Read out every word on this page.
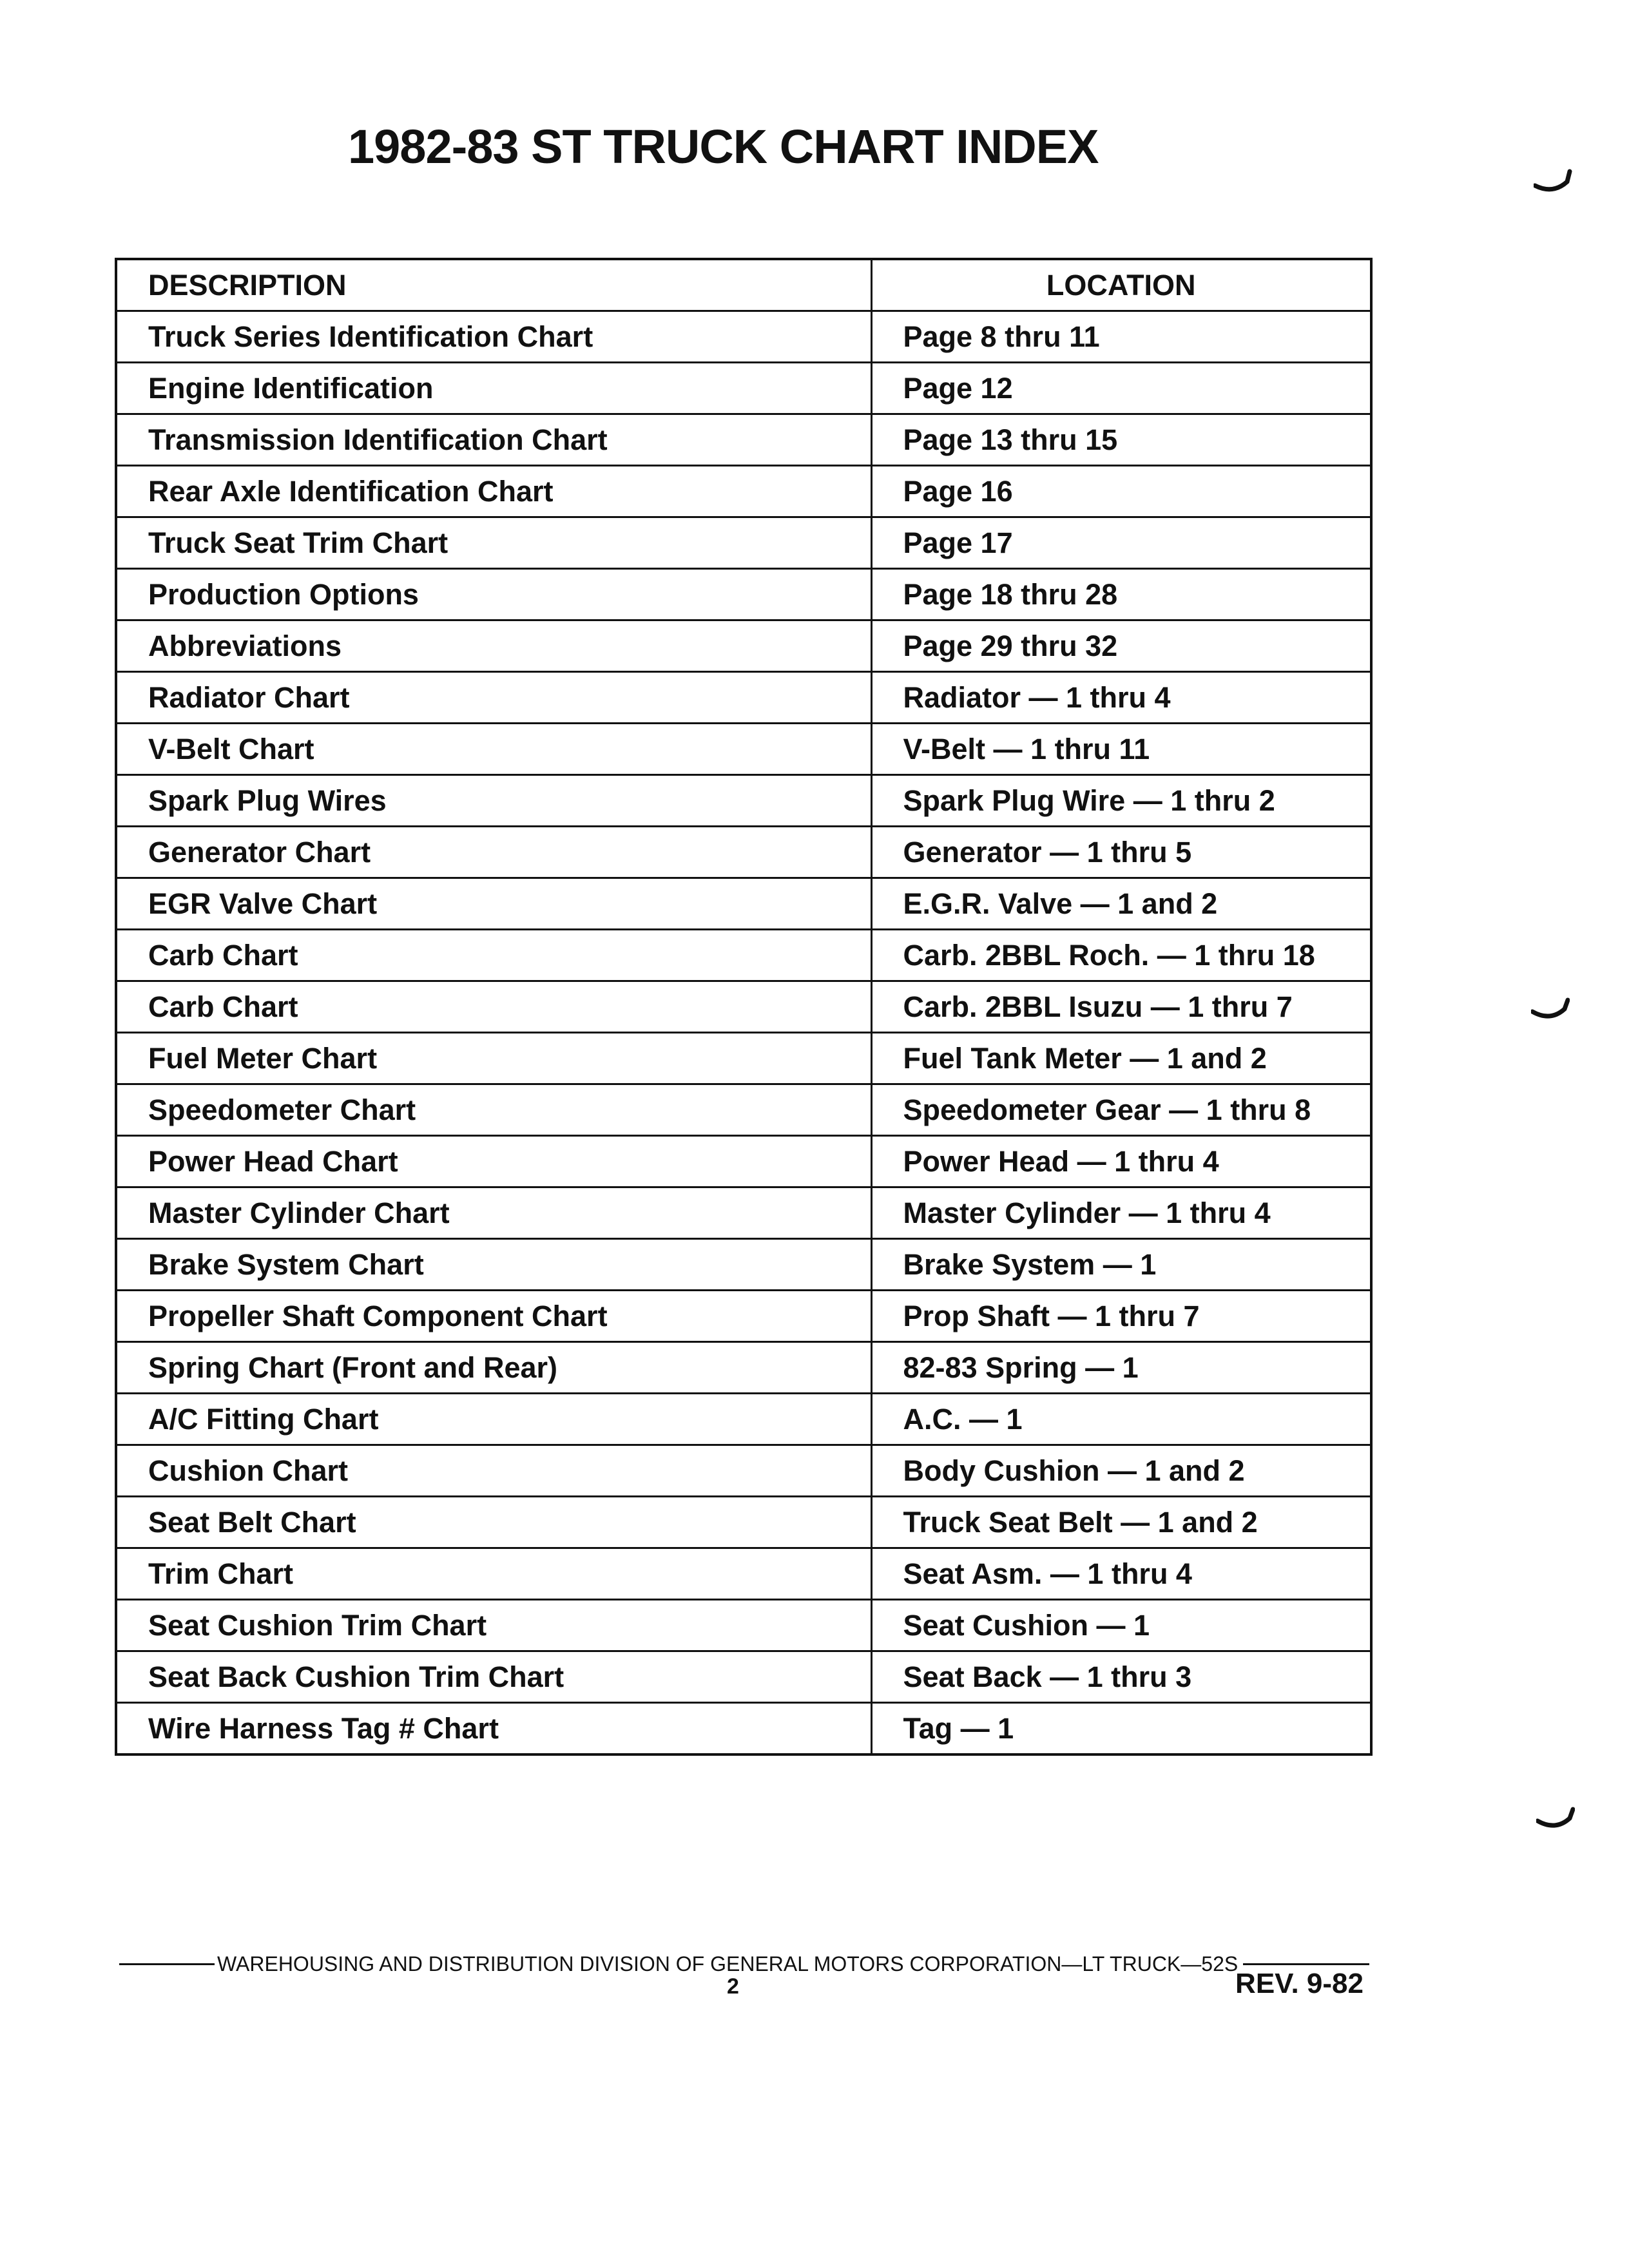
1982-83 ST TRUCK CHART INDEX
DESCRIPTION	LOCATION
Truck Series Identification Chart	Page 8 thru 11
Engine Identification	Page 12
Transmission Identification Chart	Page 13 thru 15
Rear Axle Identification Chart	Page 16
Truck Seat Trim Chart	Page 17
Production Options	Page 18 thru 28
Abbreviations	Page 29 thru 32
Radiator Chart	Radiator — 1 thru 4
V-Belt Chart	V-Belt — 1 thru 11
Spark Plug Wires	Spark Plug Wire — 1 thru 2
Generator Chart	Generator — 1 thru 5
EGR Valve Chart	E.G.R. Valve — 1 and 2
Carb Chart	Carb. 2BBL Roch. — 1 thru 18
Carb Chart	Carb. 2BBL Isuzu — 1 thru 7
Fuel Meter Chart	Fuel Tank Meter — 1 and 2
Speedometer Chart	Speedometer Gear — 1 thru 8
Power Head Chart	Power Head — 1 thru 4
Master Cylinder Chart	Master Cylinder — 1 thru 4
Brake System Chart	Brake System — 1
Propeller Shaft Component Chart	Prop Shaft — 1 thru 7
Spring Chart (Front and Rear)	82-83 Spring — 1
A/C Fitting Chart	A.C. — 1
Cushion Chart	Body Cushion — 1 and 2
Seat Belt Chart	Truck Seat Belt — 1 and 2
Trim Chart	Seat Asm. — 1 thru 4
Seat Cushion Trim Chart	Seat Cushion — 1
Seat Back Cushion Trim Chart	Seat Back — 1 thru 3
Wire Harness Tag # Chart	Tag — 1
WAREHOUSING AND DISTRIBUTION DIVISION OF GENERAL MOTORS CORPORATION—LT TRUCK—52S
2	REV. 9-82
